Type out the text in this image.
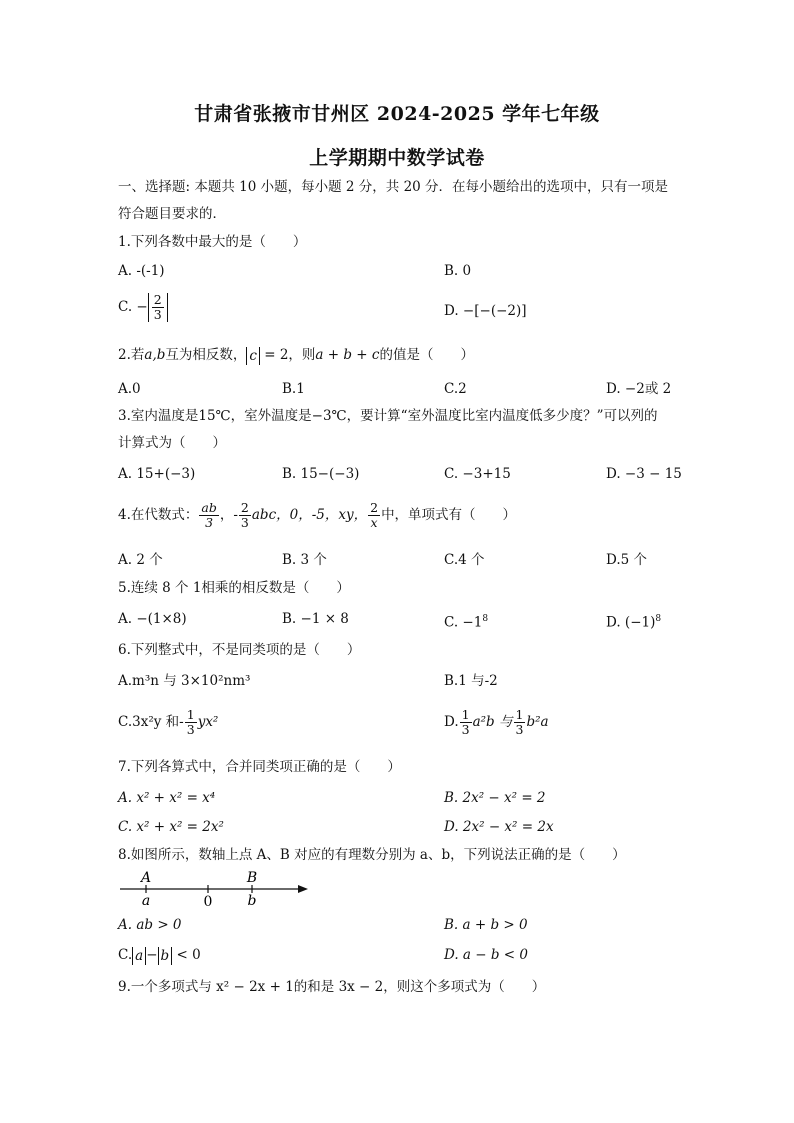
甘肃省张掖市甘州区 2024-2025 学年七年级
上学期期中数学试卷
一、选择题: 本题共 10 小题，每小题 2 分，共 20 分．在每小题给出的选项中，只有一项是
符合题目要求的．
1.下列各数中最大的是（　　）
A. -(-1)	B. 0
C. − $\frac{2}{3}$	D. −[−(−2)]
2.若a,b互为相反数， c = 2，则a + b + c的值是（　　）
A.0	B.1	C.2	D. −2或 2
3.室内温度是15℃，室外温度是−3℃，要计算“室外温度比室内温度低多少度？”可以列的
计算式为（　　）
A. 15+(−3)	B. 15−(−3)	C. −3+15	D. −3 − 15
4.在代数式： $\frac{ab}{3}$ ，- $\frac{2}{3}$ abc，0，-5，xy， $\frac{2}{x}$ 中，单项式有（　　）
A. 2 个	B. 3 个	C.4 个	D.5 个
5.连续 8 个 1相乘的相反数是（　　）
A. −(1×8)	B. −1 × 8	C. $-1^8$	D. $(-1)^8$
6.下列整式中，不是同类项的是（　　）
A.m³n 与 3×10²nm³	B.1 与-2
C.3x²y 和- $\frac{1}{3} yx^2$	D. $\frac{1}{3} a^2b$ 与 $\frac{1}{3} b^2a$
7.下列各算式中，合并同类项正确的是（　　）
A. x² + x² = x⁴	B. 2x² − x² = 2
C. x² + x² = 2x²	D. 2x² − x² = 2x
8.如图所示，数轴上点 A、B 对应的有理数分别为 a、b，下列说法正确的是（　　）
A
a	0
B
b
A. ab > 0	B. a + b > 0
C. a − b < 0	D. a − b < 0
9.一个多项式与 x² − 2x + 1的和是 3x − 2，则这个多项式为（　　）
